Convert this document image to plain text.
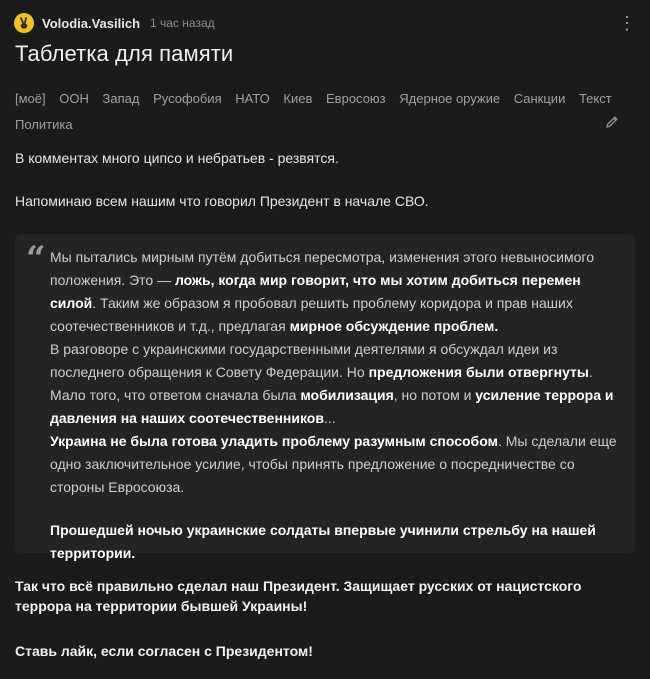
Volodia.Vasilich 1 час назад	⋮
Таблетка для памяти
[моё] ООН Запад Русофобия НАТО Киев Евросоюз Ядерное оружие Санкции Текст
Политика

В комментах много ципсо и небратьев - резвятся.

Напоминаю всем нашим что говорил Президент в начале СВО.

“ Мы пытались мирным путём добиться пересмотра, изменения этого невыносимого положения. Это — ложь, когда мир говорит, что мы хотим добиться перемен силой. Таким же образом я пробовал решить проблему коридора и прав наших соотечественников и т.д., предлагая мирное обсуждение проблем.
В разговоре с украинскими государственными деятелями я обсуждал идеи из последнего обращения к Совету Федерации. Но предложения были отвергнуты. Мало того, что ответом сначала была мобилизация, но потом и усиление террора и давления на наших соотечественников...
Украина не была готова уладить проблему разумным способом. Мы сделали еще одно заключительное усилие, чтобы принять предложение о посредничестве со стороны Евросоюза.
Прошедшей ночью украинские солдаты впервые учинили стрельбу на нашей территории.

Так что всё правильно сделал наш Президент. Защищает русских от нацистского террора на территории бывшей Украины!

Ставь лайк, если согласен с Президентом!
